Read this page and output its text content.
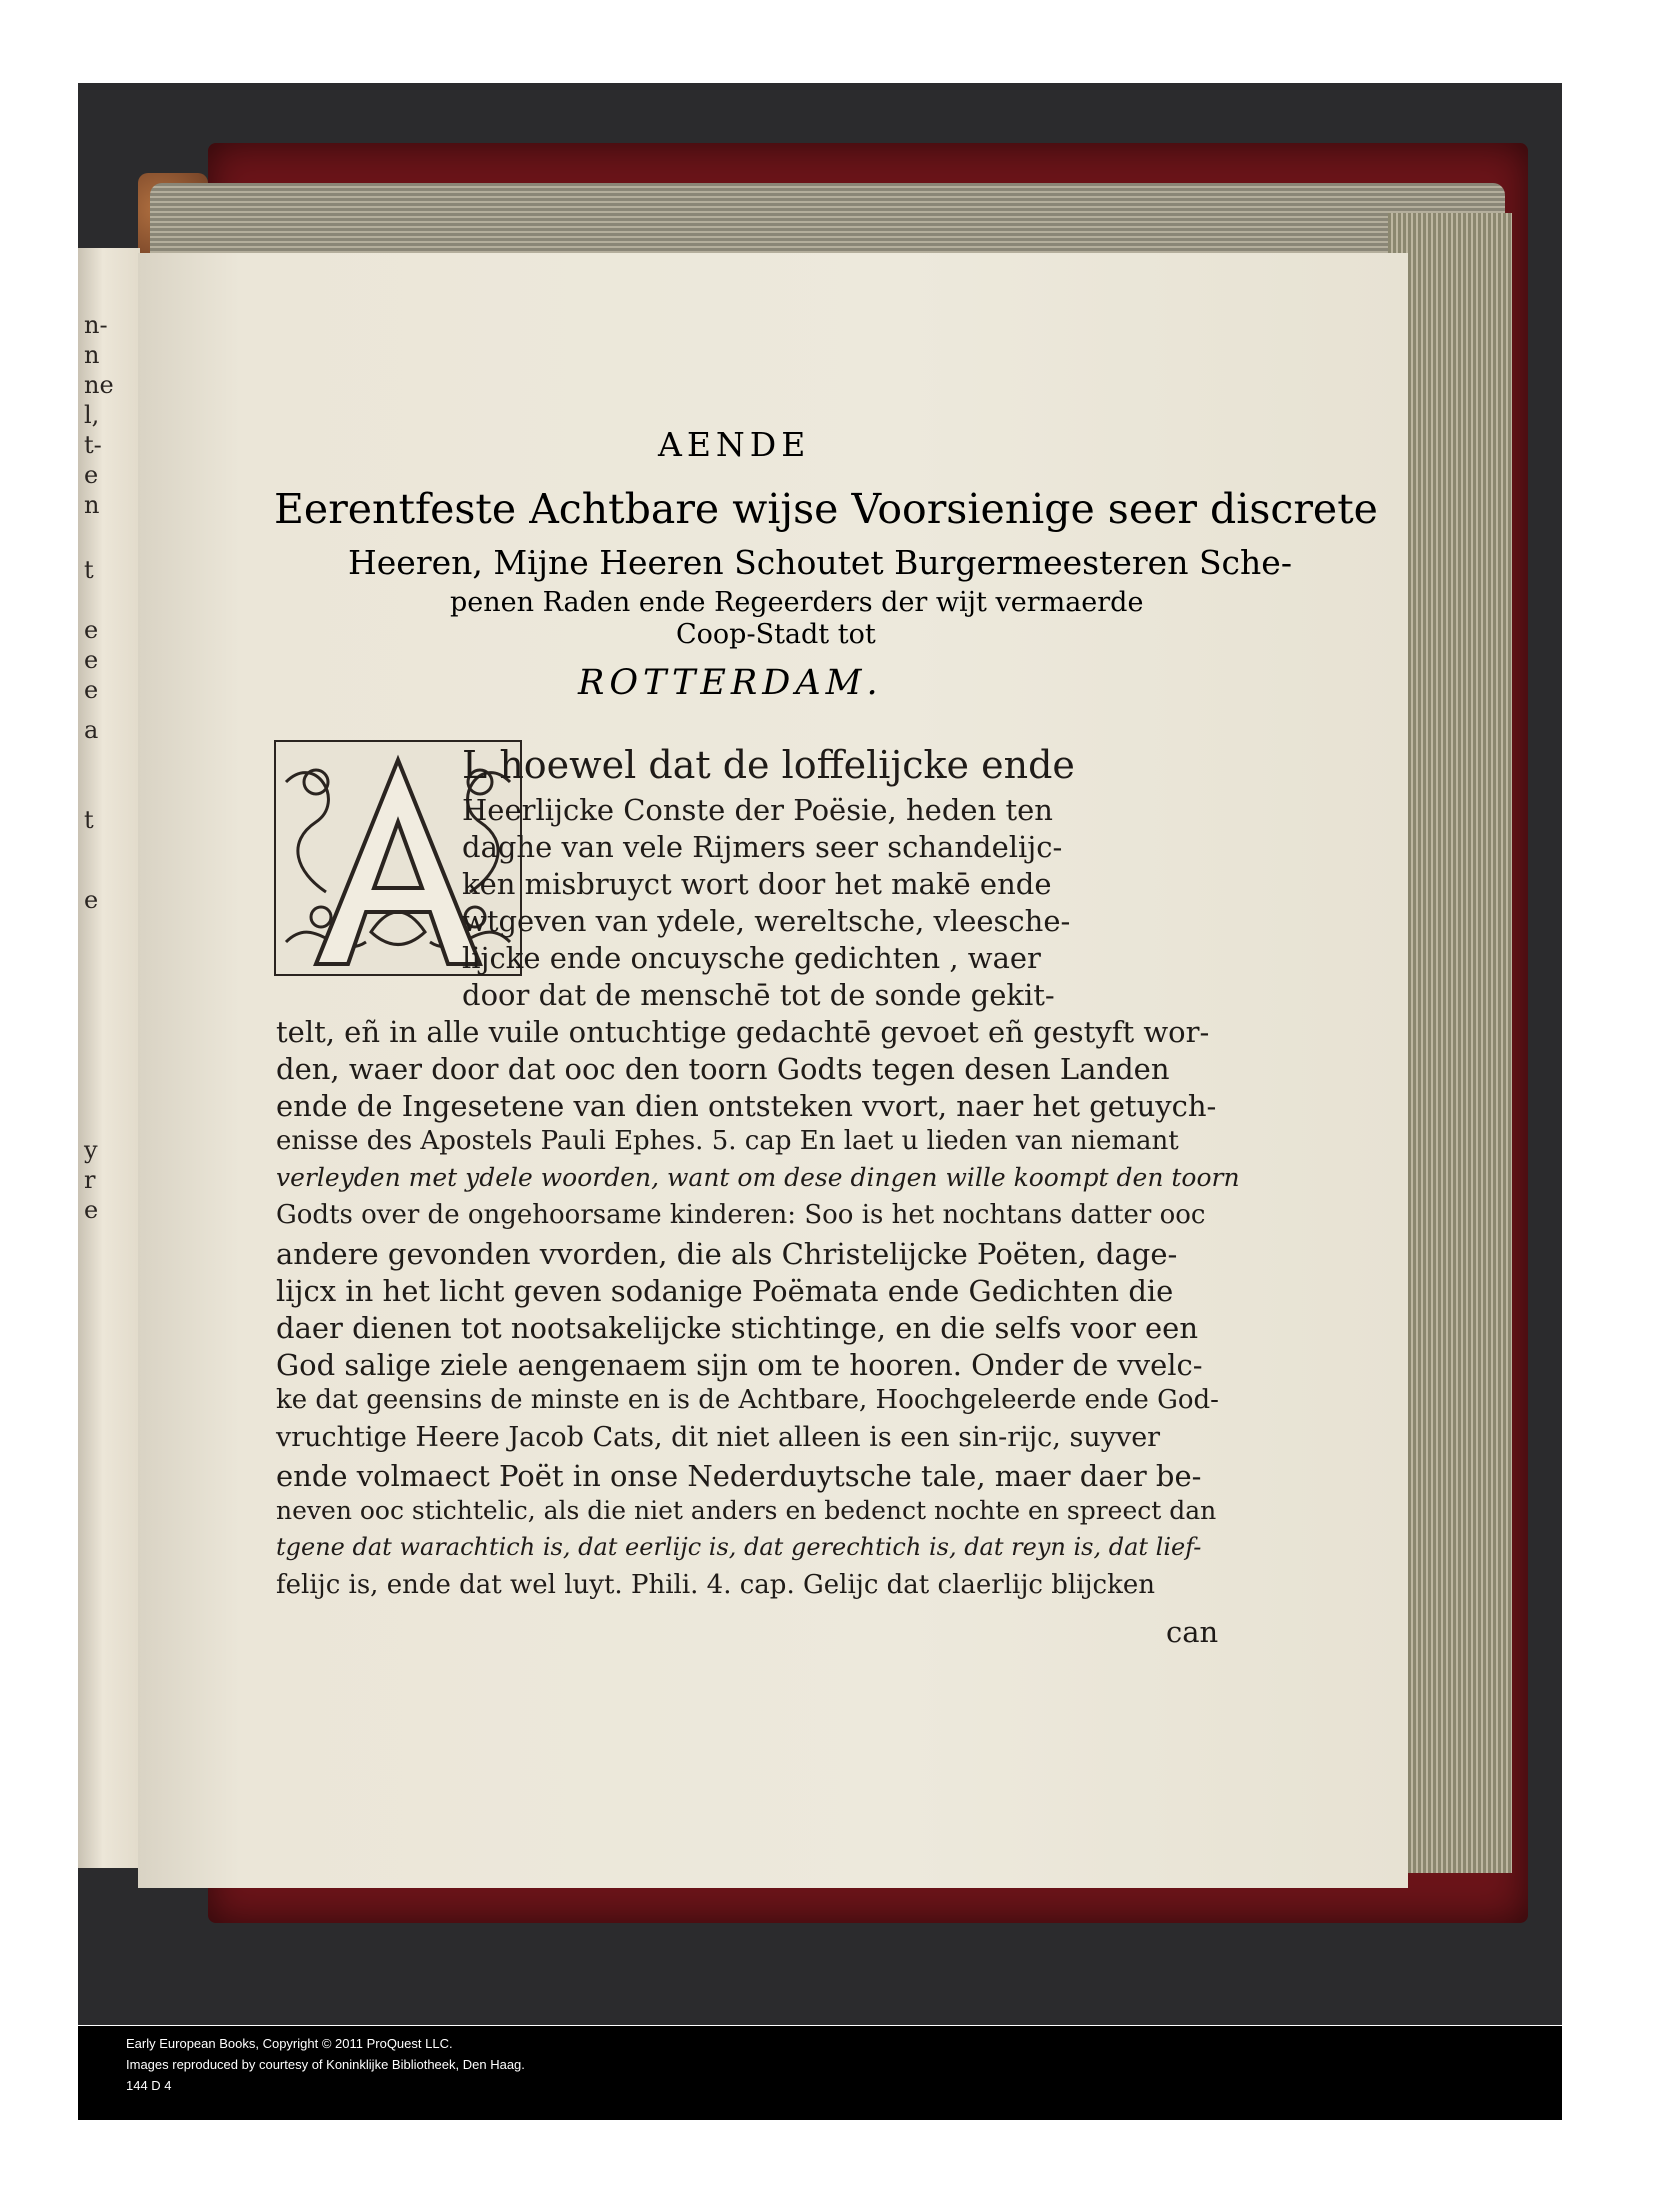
n-
n
ne
l,
t-
e
n
t
e
e
e
a
t
e
y
r
e
AENDE
Eerentfeste Achtbare wijse Voorsienige seer discrete
Heeren, Mijne Heeren Schoutet Burgermeesteren Sche-
penen Raden ende Regeerders der wijt vermaerde
Coop-Stadt tot
ROTTERDAM.
L hoewel dat de loffelijcke ende
Heerlijcke Conste der Poësie, heden ten
daghe van vele Rijmers seer schandelijc-
ken misbruyct wort door het makē ende
wtgeven van ydele, wereltsche, vleesche-
lijcke ende oncuysche gedichten , waer
door dat de menschē tot de sonde gekit-
telt, eñ in alle vuile ontuchtige gedachtē gevoet eñ gestyft wor-
den, waer door dat ooc den toorn Godts tegen desen Landen
ende de Ingesetene van dien ontsteken vvort, naer het getuych-
enisse des Apostels Pauli Ephes. 5. cap En laet u lieden van niemant
verleyden met ydele woorden, want om dese dingen wille koompt den toorn
Godts over de ongehoorsame kinderen: Soo is het nochtans datter ooc
andere gevonden vvorden, die als Christelijcke Poëten, dage-
lijcx in het licht geven sodanige Poëmata ende Gedichten die
daer dienen tot nootsakelijcke stichtinge, en die selfs voor een
God salige ziele aengenaem sijn om te hooren. Onder de vvelc-
ke dat geensins de minste en is de Achtbare, Hoochgeleerde ende God-
vruchtige Heere Jacob Cats, dit niet alleen is een sin-rijc, suyver
ende volmaect Poët in onse Nederduytsche tale, maer daer be-
neven ooc stichtelic, als die niet anders en bedenct nochte en spreect dan
tgene dat warachtich is, dat eerlijc is, dat gerechtich is, dat reyn is, dat lief-
felijc is, ende dat wel luyt. Phili. 4. cap. Gelijc dat claerlijc blijcken
can
Early European Books, Copyright © 2011 ProQuest LLC.
Images reproduced by courtesy of Koninklijke Bibliotheek, Den Haag.
144 D 4
